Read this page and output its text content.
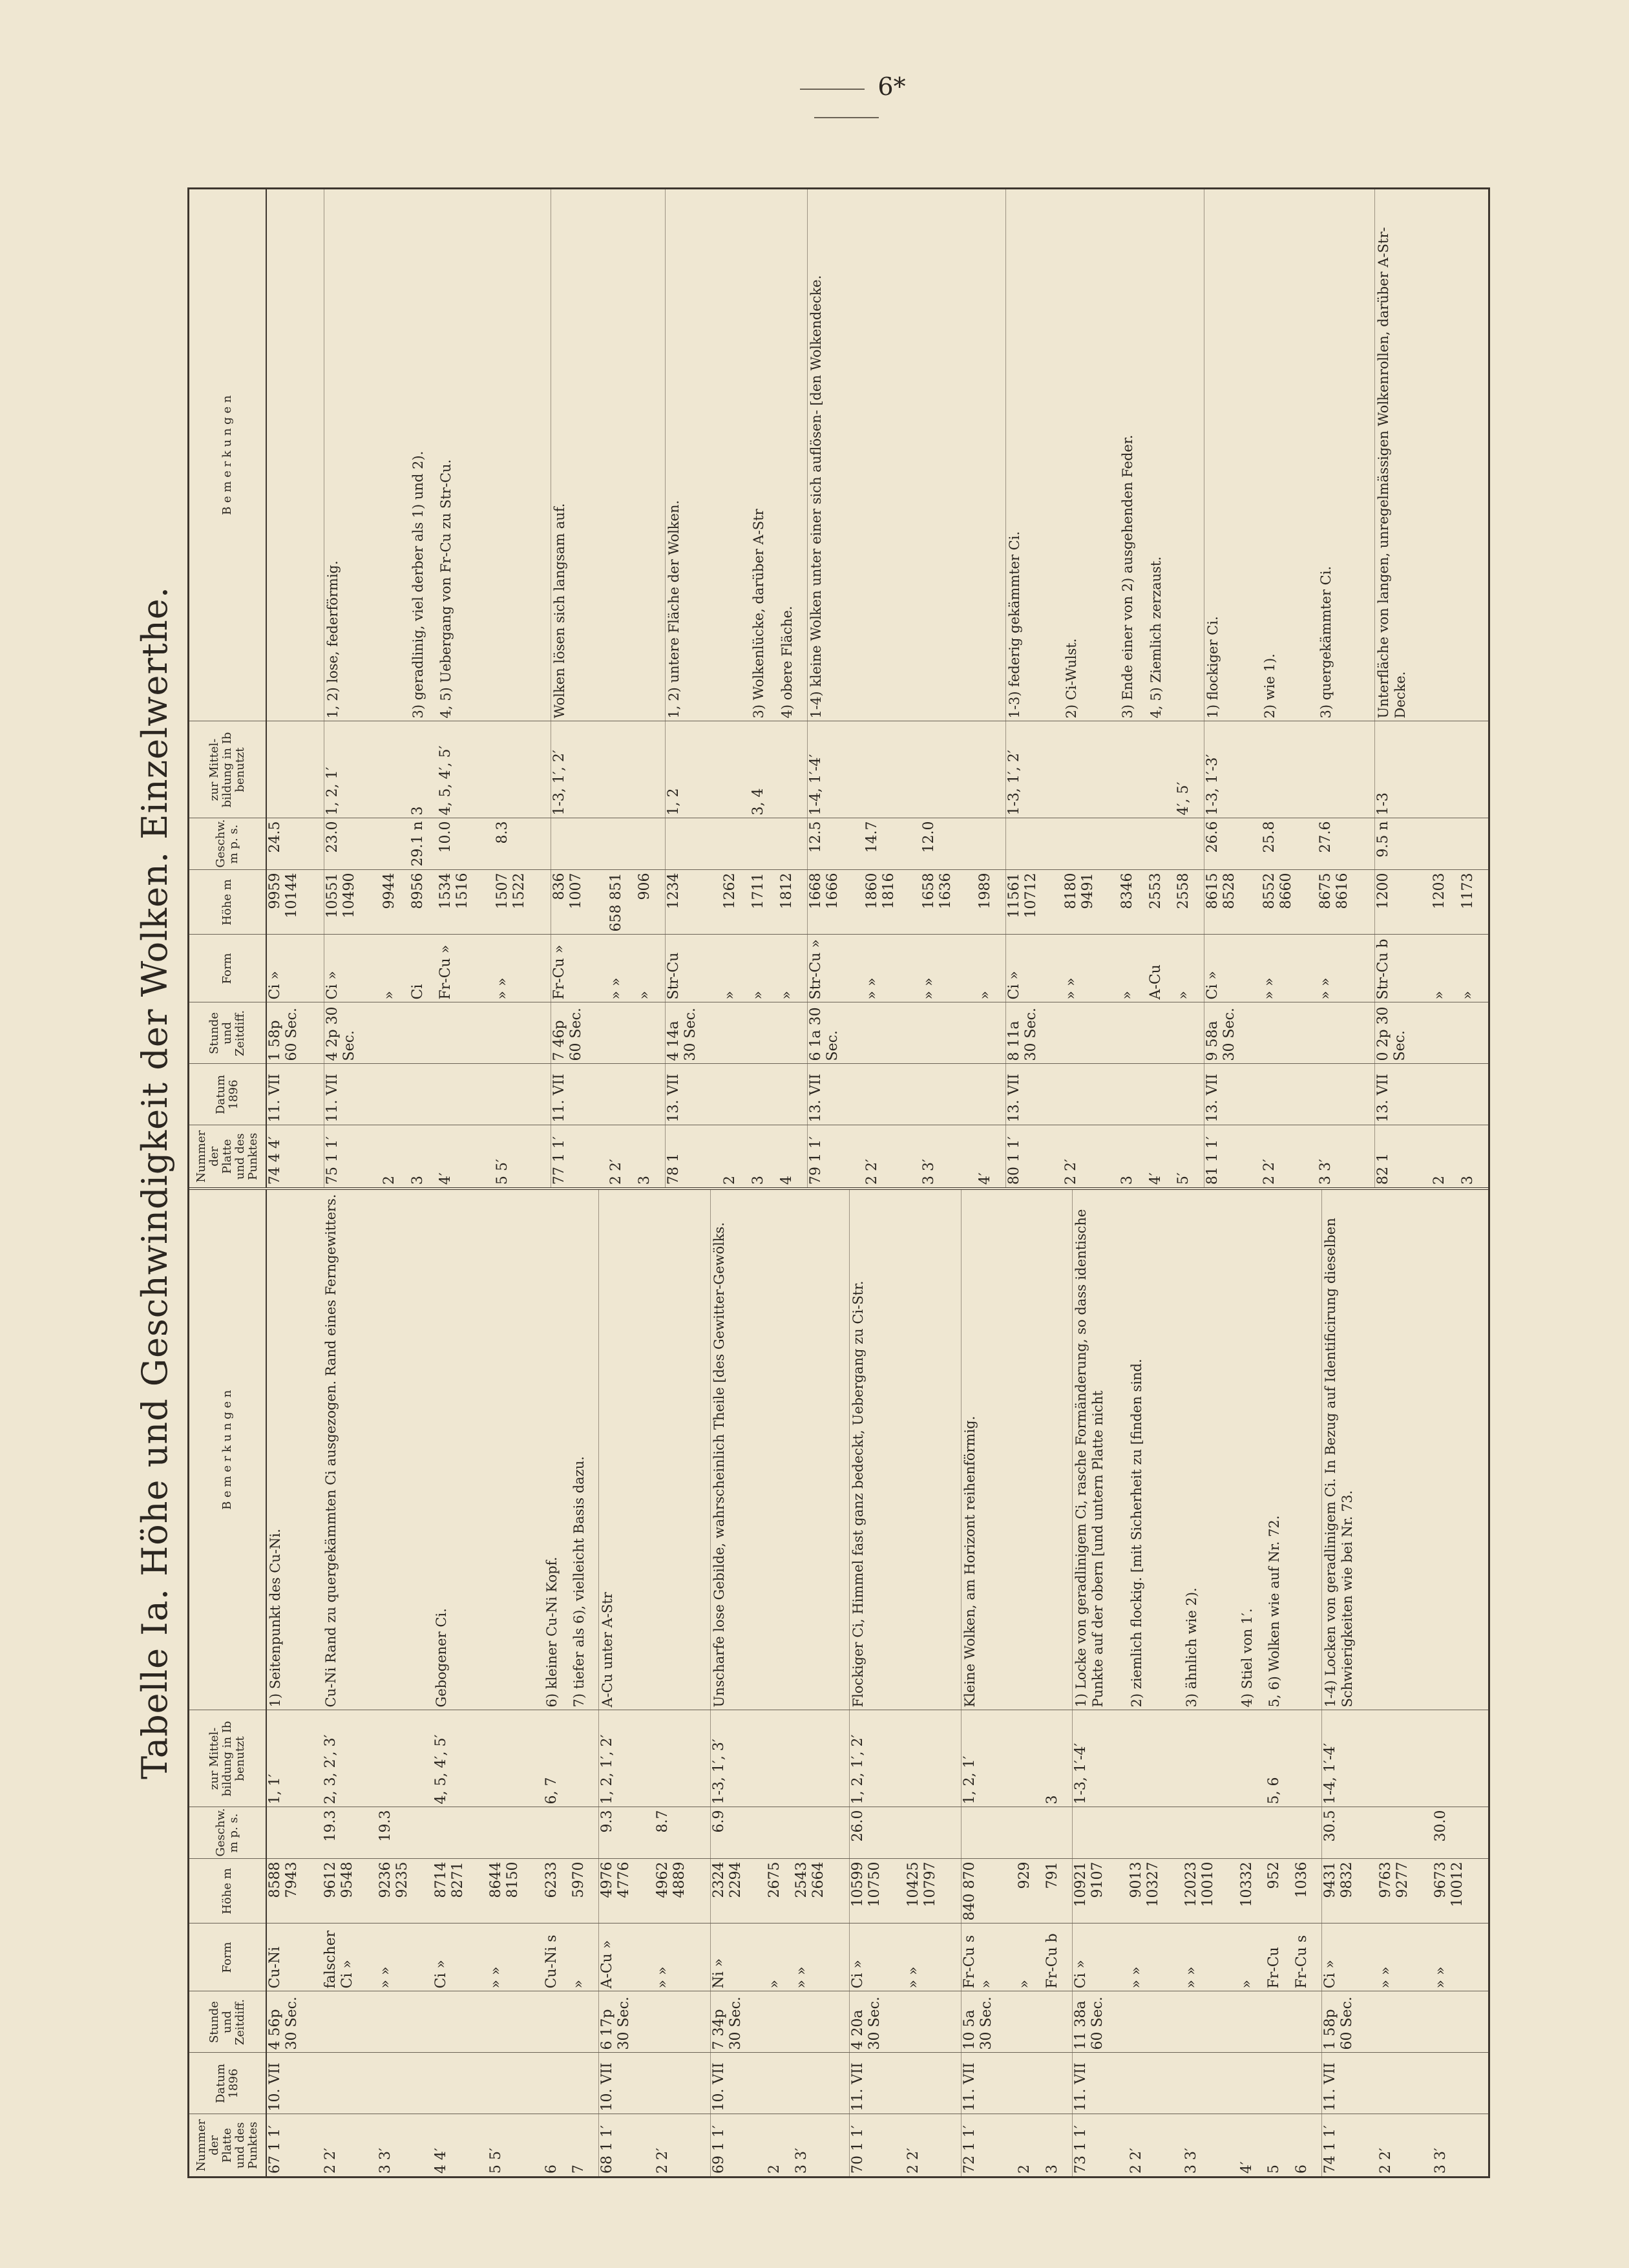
6*
Tabelle Ia. Höhe und Geschwindigkeit der Wolken. Einzelwerthe.
Nummer der Platte und des Punktes	Datum 1896	Stunde und Zeitdiff.	Form	Höhe m	Geschw. m p. s.	zur Mittel-bildung in Ib benutzt	B e m e r k u n g e n
67 1 1′	10. VII	4 56p 30 Sec.	Cu-Ni	8588 7943		1, 1′	1) Seitenpunkt des Cu-Ni.
2 2′			falscher Ci »	9612 9548	19.3	2, 3, 2′, 3′	Cu-Ni Rand zu quergekämmten Ci ausgezogen. Rand eines Ferngewitters.
3 3′			» »	9236 9235	19.3		
4 4′			Ci »	8714 8271		4, 5, 4′, 5′	Gebogener Ci.
5 5′			» »	8644 8150			
6			Cu-Ni s	6233		6, 7	6) kleiner Cu-Ni Kopf.
7			»	5970			7) tiefer als 6), vielleicht Basis dazu.
68 1 1′	10. VII	6 17p 30 Sec.	A-Cu »	4976 4776	9.3	1, 2, 1′, 2′	A-Cu unter A-Str
2 2′			» »	4962 4889	8.7		
69 1 1′	10. VII	7 34p 30 Sec.	Ni »	2324 2294	6.9	1-3, 1′, 3′	Unscharfe lose Gebilde, wahrscheinlich Theile [des Gewitter-Gewölks.
2			»	2675			
3 3′			» »	2543 2664			
70 1 1′	11. VII	4 20a 30 Sec.	Ci »	10599 10750	26.0	1, 2, 1′, 2′	Flockiger Ci, Himmel fast ganz bedeckt, Uebergang zu Ci-Str.
2 2′			» »	10425 10797			
72 1 1′	11. VII	10 5a 30 Sec.	Fr-Cu s »	840 870		1, 2, 1′	Kleine Wolken, am Horizont reihenförmig.
2			»	929			
3			Fr-Cu b	791		3	
73 1 1′	11. VII	11 38a 60 Sec.	Ci »	10921 9107		1-3, 1′-4′	1) Locke von geradlinigem Ci, rasche Formänderung, so dass identische Punkte auf der obern [und untern Platte nicht
2 2′			» »	9013 10327			2) ziemlich flockig. [mit Sicherheit zu [finden sind.
3 3′			» »	12023 10010			3) ähnlich wie 2).
4′			»	10332			4) Stiel von 1′.
5			Fr-Cu	952		5, 6	5, 6) Wolken wie auf Nr. 72.
6			Fr-Cu s	1036			
74 1 1′	11. VII	1 58p 60 Sec.	Ci »	9431 9832	30.5	1-4, 1′-4′	1-4) Locken von geradlinigem Ci. In Bezug auf Identificirung dieselben Schwierigkeiten wie bei Nr. 73.
2 2′			» »	9763 9277			
3 3′			» »	9673 10012	30.0		

Nummer der Platte und des Punktes	Datum 1896	Stunde und Zeitdiff.	Form	Höhe m	Geschw. m p. s.	zur Mittel-bildung in Ib benutzt	B e m e r k u n g e n
74 4 4′	11. VII	1 58p 60 Sec.	Ci »	9959 10144	24.5		
75 1 1′	11. VII	4 2p 30 Sec.	Ci »	10551 10490	23.0	1, 2, 1′	1, 2) lose, federförmig.
2			»	9944			
3			Ci	8956	29.1 n	3	3) geradlinig, viel derber als 1) und 2).
4′			Fr-Cu »	1534 1516	10.0	4, 5, 4′, 5′	4, 5) Uebergang von Fr-Cu zu Str-Cu.
5 5′			» »	1507 1522	8.3		
77 1 1′	11. VII	7 46p 60 Sec.	Fr-Cu »	836 1007		1-3, 1′, 2′	Wolken lösen sich langsam auf.
2 2′			» »	658 851			
3			»	906			
78 1	13. VII	4 14a 30 Sec.	Str-Cu	1234		1, 2	1, 2) untere Fläche der Wolken.
2			»	1262			
3			»	1711		3, 4	3) Wolkenlücke, darüber A-Str
4			»	1812			4) obere Fläche.
79 1 1′	13. VII	6 1a 30 Sec.	Str-Cu »	1668 1666	12.5	1-4, 1′-4′	1-4) kleine Wolken unter einer sich auflösen- [den Wolkendecke.
2 2′			» »	1860 1816	14.7		
3 3′			» »	1658 1636	12.0		
4′			»	1989			
80 1 1′	13. VII	8 11a 30 Sec.	Ci »	11561 10712		1-3, 1′, 2′	1-3) federig gekämmter Ci.
2 2′			» »	8180 9491			2) Ci-Wulst.
3			»	8346			3) Ende einer von 2) ausgehenden Feder.
4′			A-Cu	2553			4, 5) Ziemlich zerzaust.
5′			»	2558		4′, 5′	
81 1 1′	13. VII	9 58a 30 Sec.	Ci »	8615 8528	26.6	1-3, 1′-3′	1) flockiger Ci.
2 2′			» »	8552 8660	25.8		2) wie 1).
3 3′			» »	8675 8616	27.6		3) quergekämmter Ci.
82 1	13. VII	0 2p 30 Sec.	Str-Cu b	1200	9.5 n	1-3	Unterfläche von langen, unregelmässigen Wolkenrollen, darüber A-Str-Decke.
2			»	1203			
3			»	1173			
